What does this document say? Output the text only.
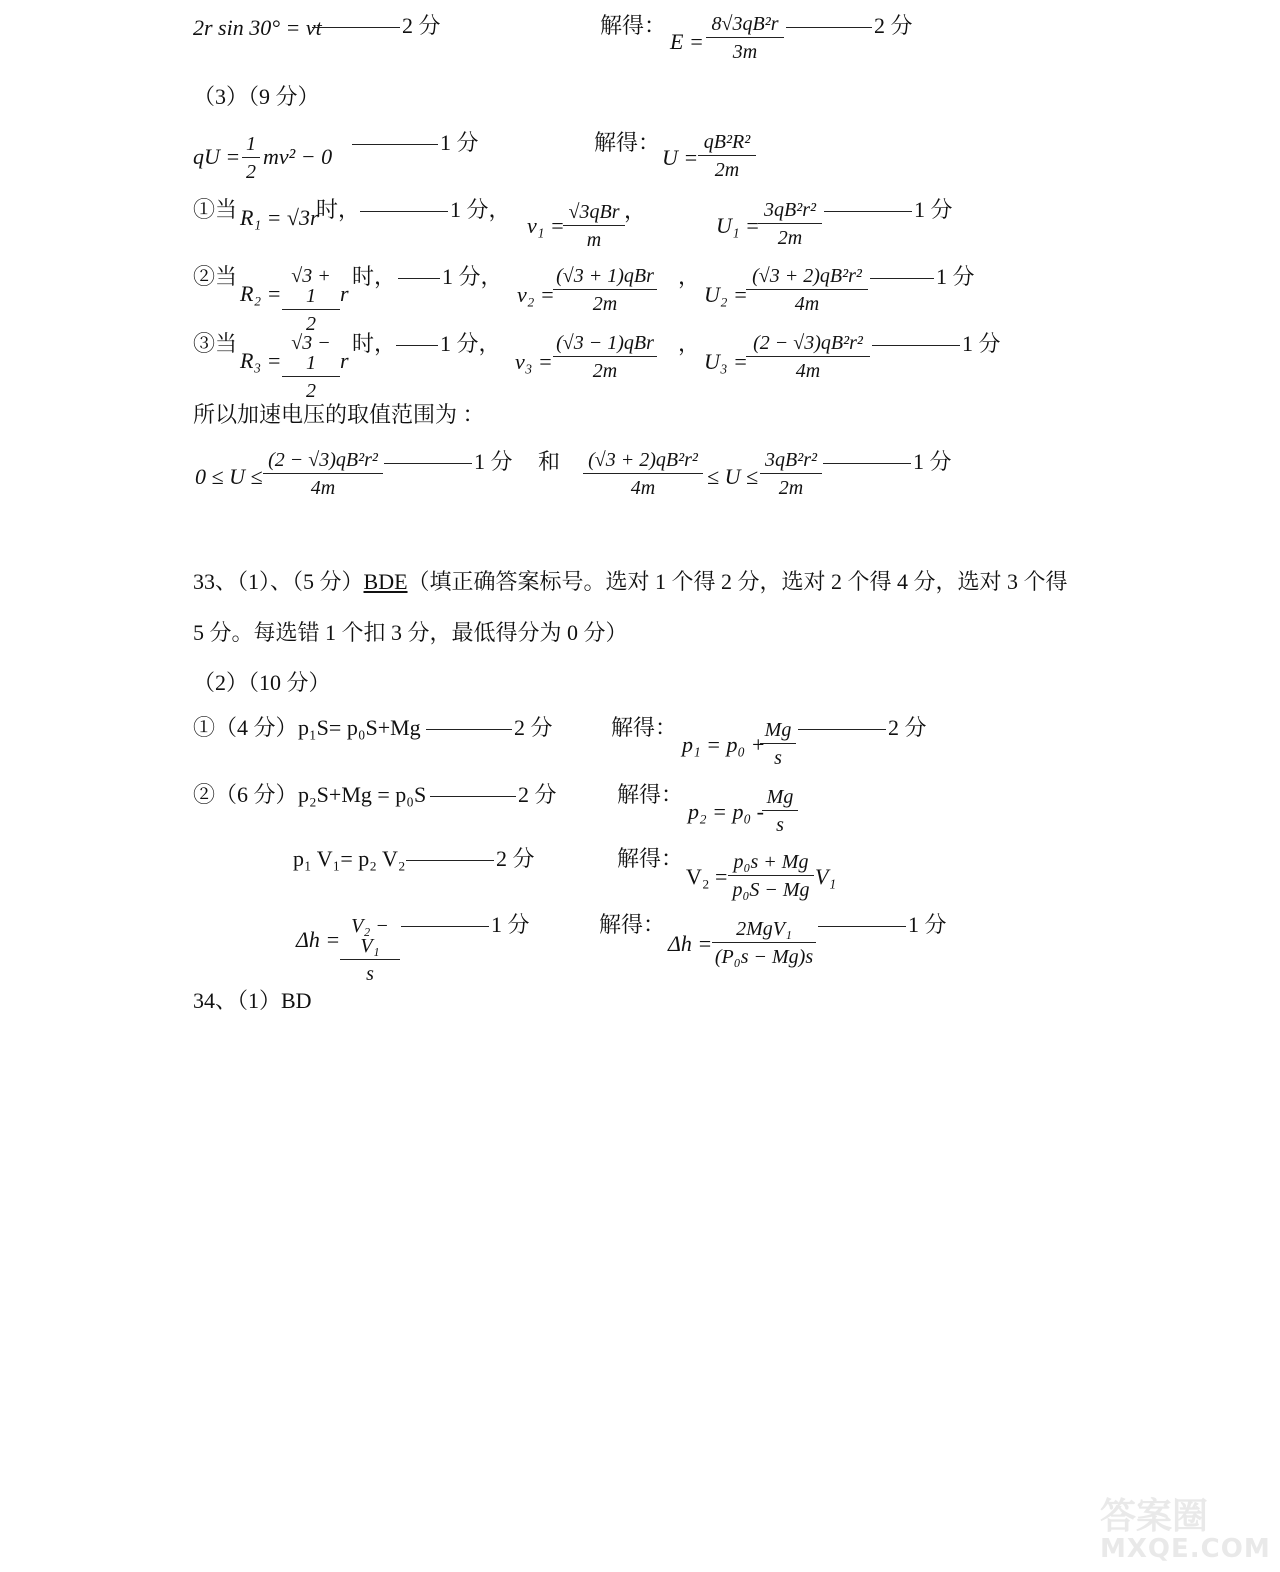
2r sin 30° = vt	2 分	解得：
$E = \frac{\text{8√3qB²r}}{3m}$	2 分
（3）（9 分）
qU = $\frac{1}{2} mv^2 - 0$
1 分	解得：
$U = \frac{\text{qB²R²}}{2m}$
①当 R₁ = √3r
时，	1 分，
v₁ =
√3qBr
m
，
U₁ =
$\frac{\text{3qB²r²}}{2m}$	1 分
②当
$R_2 = \frac{√3 + 1}{2}$ r
时，	1 分，
v₂ =
(√3 + 1)qBr
2m
，
U₂ =
$\frac{\text{(√3 + 2)qB²r²}}{4m}$	1 分
③当
$R_3 = \frac{√3 - 1}{2}$ r
时，	1 分，
v₃ =
(√3 − 1)qBr
2m
，
U₃ =
$\frac{\text{(2 − √3)qB²r²}}{4m}$	1 分
所以加速电压的取值范围为 ：
$0 \le U \le \frac{\text{(2 − √3)qB²r²}}{4m}$	1 分 和 $\frac{\text{(√3 + 2)qB²r²}}{4m} \le U \le \frac{\text{3qB²r²}}{2m}$	1 分
33、（1）、（5 分）BDE（填正确答案标号。选对 1 个得 2 分，选对 2 个得 4 分，选对 3 个得
5 分。每选错 1 个扣 3 分，最低得分为 0 分）
（2）（10 分）
①（4 分） p₁S= p₀S+Mg	2 分	解得：
p₁ = p₀ +
$\frac{Mg}{s}$	2 分
②（6 分） p₂S+Mg = p₀S	2 分	解得：
p₂ = p₀ -
$\frac{Mg}{s}$
p₁ V₁= p₂ V₂	2 分	解得：
$V_2 = \frac{\text{p₀s + Mg}}{\text{p₀S − Mg}} V_1$
$\Delta h = \frac{\text{V₂ − V₁}}{s}$	1 分	解得：
Δh =
2MgV₁
(P₀s − Mg)s
1 分
34、（1）BD
答案圈
MXQE.COM
